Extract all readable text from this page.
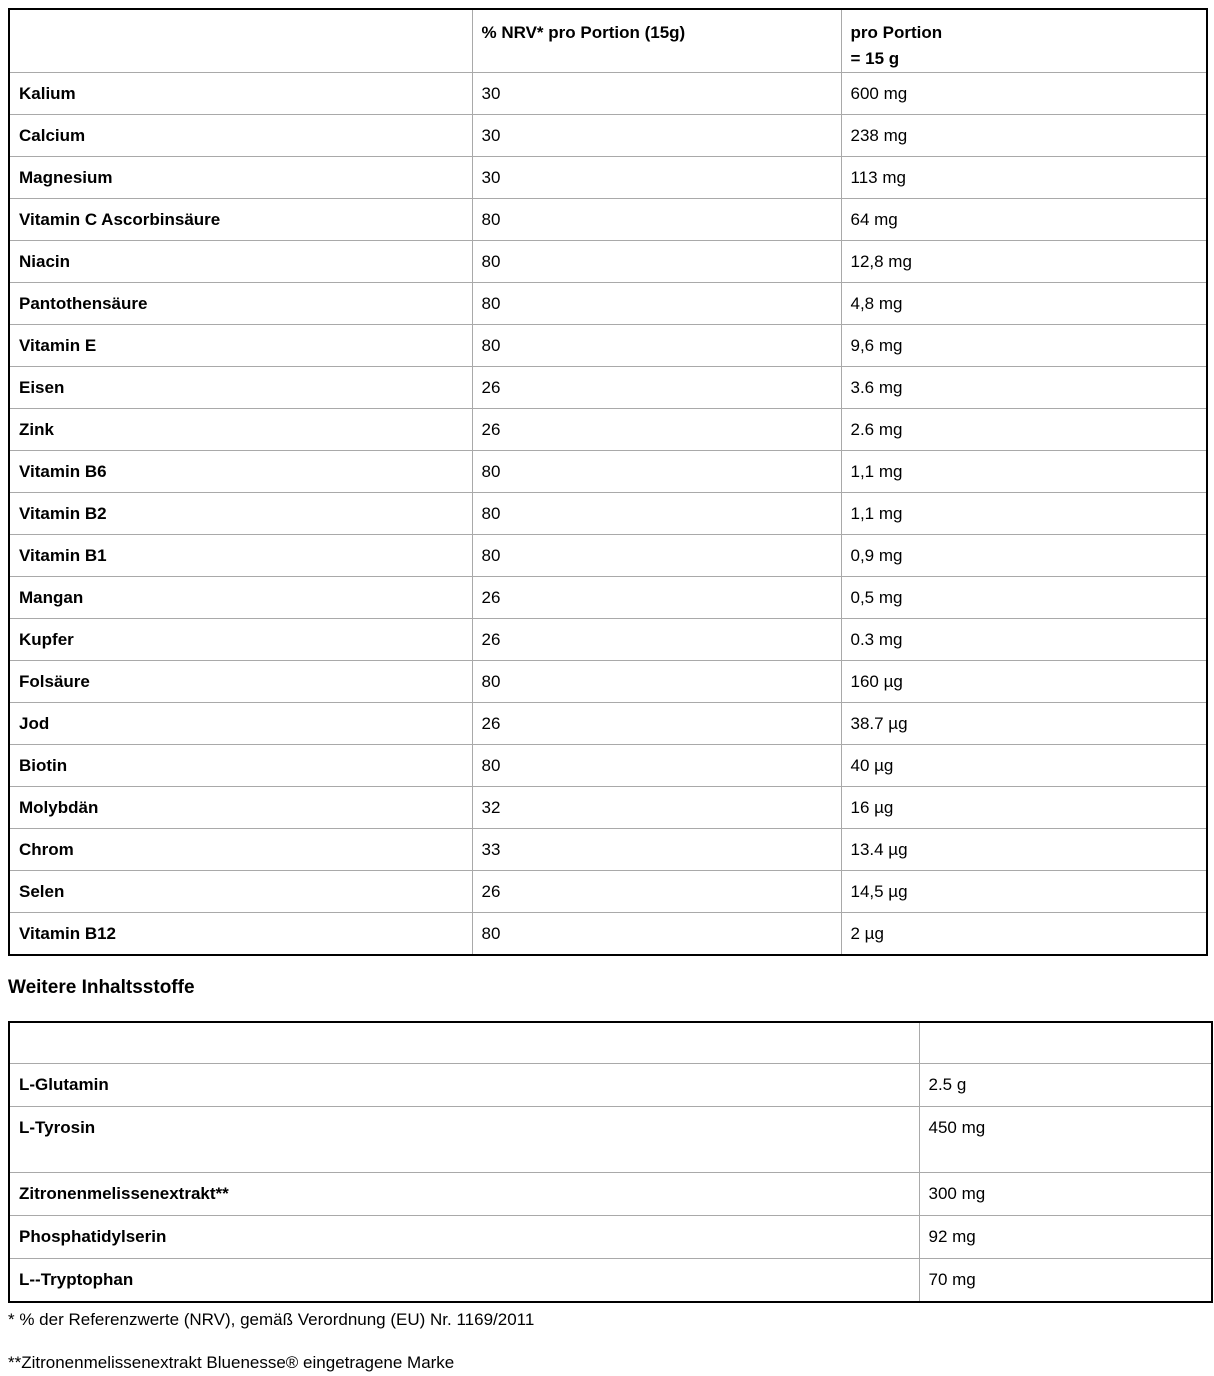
	% NRV* pro Portion (15g)	pro Portion
= 15 g

Kalium	30	600 mg
Calcium	30	238 mg
Magnesium	30	113 mg
Vitamin C Ascorbinsäure	80	64 mg
Niacin	80	12,8 mg
Pantothensäure	80	4,8 mg
Vitamin E	80	9,6 mg
Eisen	26	3.6 mg
Zink	26	2.6 mg
Vitamin B6	80	1,1 mg
Vitamin B2	80	1,1 mg
Vitamin B1	80	0,9 mg
Mangan	26	0,5 mg
Kupfer	26	0.3 mg
Folsäure	80	160 µg
Jod	26	38.7 µg
Biotin	80	40 µg
Molybdän	32	16 µg
Chrom	33	13.4 µg
Selen	26	14,5 µg
Vitamin B12	80	2 µg
Weitere Inhaltsstoffe

L-Glutamin	2.5 g
L-Tyrosin	450 mg
Zitronenmelissenextrakt**	300 mg
Phosphatidylserin	92 mg
L--Tryptophan	70 mg

* % der Referenzwerte (NRV), gemäß Verordnung (EU) Nr. 1169/2011

**Zitronenmelissenextrakt Bluenesse® eingetragene Marke
